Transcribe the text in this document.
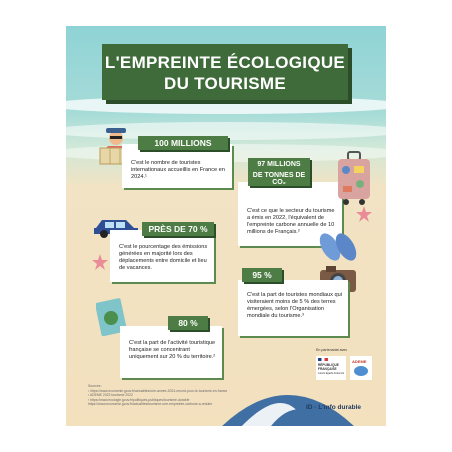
L'EMPREINTE ÉCOLOGIQUE
DU TOURISME
C'est le nombre de touristes internationaux accueillis en France en 2024.¹
100 MILLIONS
C'est ce que le secteur du tourisme a émis en 2022, l'équivalent de l'empreinte carbone annuelle de 10 millions de Français.²
97 MILLIONS
DE TONNES DE CO₂
C'est le pourcentage des émissions générées en majorité lors des déplacements entre domicile et lieu de vacances.
PRÈS DE 70 %
C'est la part de touristes mondiaux qui visiteraient moins de 5 % des terres émergées, selon l'Organisation mondiale du tourisme.³
95 %
C'est la part de l'activité touristique française se concentrant uniquement sur 20 % du territoire.²
80 %
Sources :
¹ https://www.economie.gouv.fr/actualites/une-annee-2024-record-pour-le-tourisme-en-france
² ADEME 2023 tourisme 2022
³ https://www.ecologie.gouv.fr/politiques-publiques/tourisme-durable
https://www.economie.gouv.fr/actualites/tourisme-une-empreinte-carbone-a-reduire
En partenariat avec
RÉPUBLIQUE
FRANÇAISE
Liberté Égalité Fraternité
ADEME
ID · L'info durable
